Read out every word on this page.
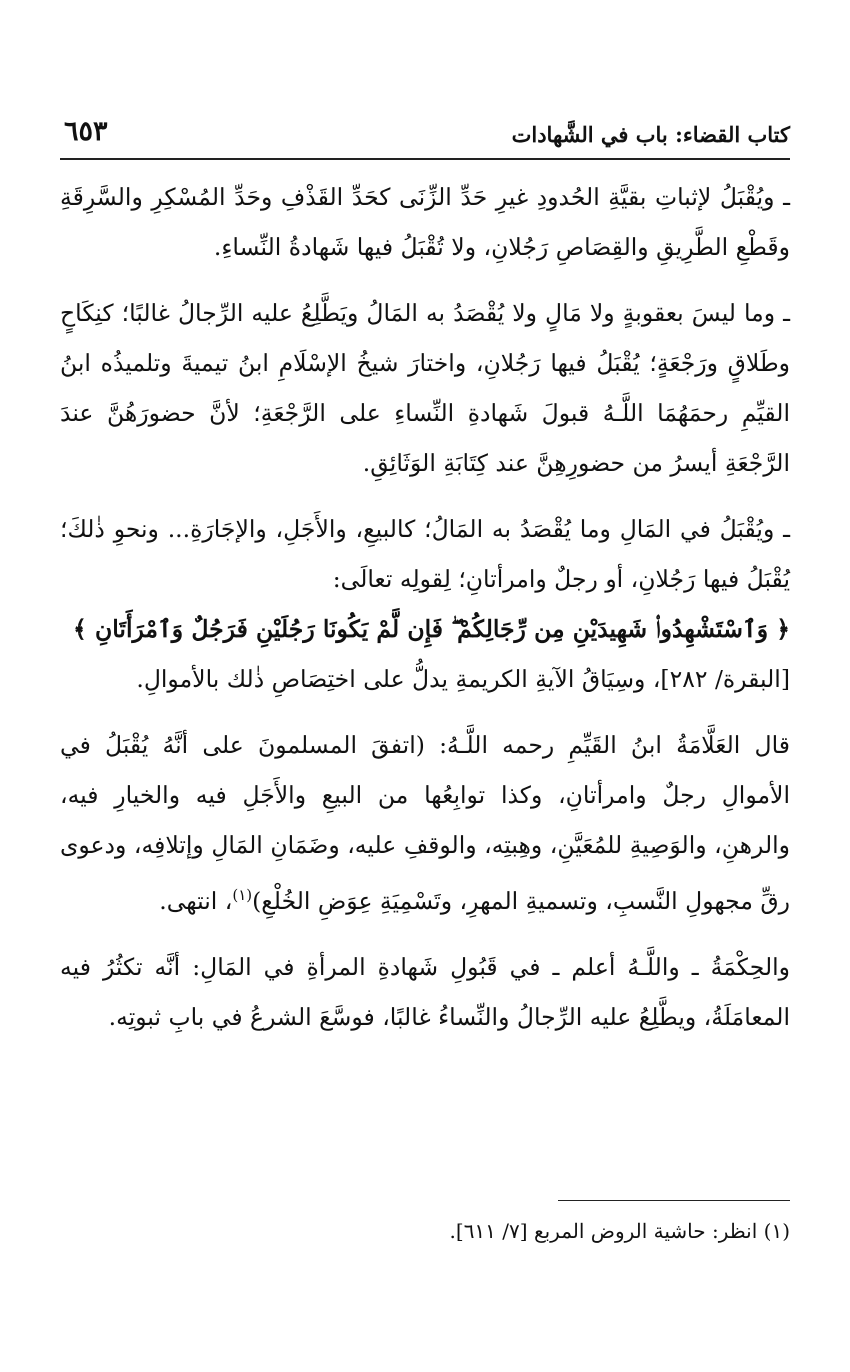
كتاب القضاء: باب في الشَّهادات
٦٥٣

ـ ويُقْبَلُ لإثباتِ بقيَّةِ الحُدودِ غيرِ حَدِّ الزِّنَى كحَدِّ القَذْفِ وحَدِّ المُسْكِرِ والسَّرِقَةِ وقَطْعِ الطَّرِيقِ والقِصَاصِ رَجُلانِ، ولا تُقْبَلُ فيها شَهادةُ النِّساءِ.

ـ وما ليسَ بعقوبةٍ ولا مَالٍ ولا يُقْصَدُ به المَالُ ويَطَّلِعُ عليه الرِّجالُ غالبًا؛ كنِكَاحٍ وطَلاقٍ ورَجْعَةٍ؛ يُقْبَلُ فيها رَجُلانِ، واختارَ شيخُ الإسْلَامِ ابنُ تيميةَ وتلميذُه ابنُ القيِّمِ رحمَهُمَا اللَّـهُ قبولَ شَهادةِ النِّساءِ على الرَّجْعَةِ؛ لأنَّ حضورَهُنَّ عندَ الرَّجْعَةِ أيسرُ من حضورِهِنَّ عند كِتَابَةِ الوَثَائِقِ.

ـ ويُقْبَلُ في المَالِ وما يُقْصَدُ به المَالُ؛ كالبيعِ، والأَجَلِ، والإجَارَةِ... ونحوِ ذٰلكَ؛ يُقْبَلُ فيها رَجُلانِ، أو رجلٌ وامرأتانِ؛ لِقولِه تعالَى:
﴿ وَٱسْتَشْهِدُوا۟ شَهِيدَيْنِ مِن رِّجَالِكُمْ ۖ فَإِن لَّمْ يَكُونَا رَجُلَيْنِ فَرَجُلٌ وَٱمْرَأَتَانِ ﴾
[البقرة/ ٢٨٢]، وسِيَاقُ الآيةِ الكريمةِ يدلُّ على اختِصَاصِ ذٰلك بالأموالِ.

قال العَلَّامَةُ ابنُ القَيِّمِ رحمه اللَّـهُ: (اتفقَ المسلمونَ على أنَّهُ يُقْبَلُ في الأموالِ رجلٌ وامرأتانِ، وكذا توابِعُها من البيعِ والأَجَلِ فيه والخيارِ فيه، والرهنِ، والوَصِيةِ للمُعَيَّنِ، وهِبتِه، والوقفِ عليه، وضَمَانِ المَالِ وإتلافِه، ودعوى رقِّ مجهولِ النَّسبِ، وتسميةِ المهرِ، وتَسْمِيَةِ عِوَضِ الخُلْعِ)$^{(١)}$، انتهى.

والحِكْمَةُ ـ واللَّـهُ أعلم ـ في قَبُولِ شَهادةِ المرأةِ في المَالِ: أنَّه تكثُرُ فيه المعامَلَةُ، ويطَّلِعُ عليه الرِّجالُ والنِّساءُ غالبًا، فوسَّعَ الشرعُ في بابِ ثبوتِه.

(١) انظر: حاشية الروض المربع [٧/ ٦١١].
